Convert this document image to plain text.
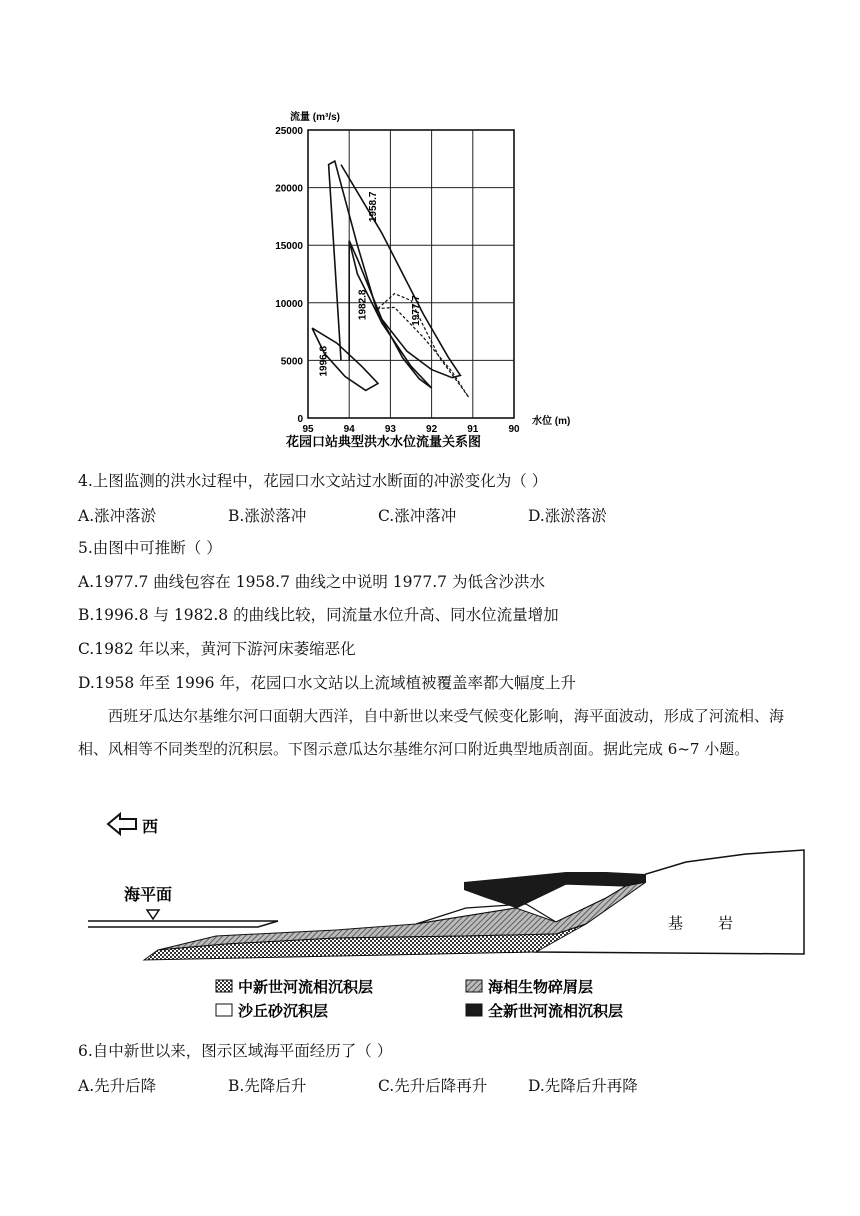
流量 (m³/s)
25000
20000
15000
10000
5000
0
95	94	93	92	91	90
1958.7
1977.7
1982.8
1996.8
水位 (m)
花园口站典型洪水水位流量关系图
4.上图监测的洪水过程中，花园口水文站过水断面的冲淤变化为（ ）
A.涨冲落淤	B.涨淤落冲	C.涨冲落冲	D.涨淤落淤
5.由图中可推断（ ）
A.1977.7 曲线包容在 1958.7 曲线之中说明 1977.7 为低含沙洪水
B.1996.8 与 1982.8 的曲线比较，同流量水位升高、同水位流量增加
C.1982 年以来，黄河下游河床萎缩恶化
D.1958 年至 1996 年，花园口水文站以上流域植被覆盖率都大幅度上升

西班牙瓜达尔基维尔河口面朝大西洋，自中新世以来受气候变化影响，海平面波动，形成了河流相、海相、风相等不同类型的沉积层。下图示意瓜达尔基维尔河口附近典型地质剖面。据此完成 6~7 小题。

西
海平面
基 岩
中新世河流相沉积层	海相生物碎屑层
沙丘砂沉积层	全新世河流相沉积层
6.自中新世以来，图示区域海平面经历了（ ）
A.先升后降	B.先降后升	C.先升后降再升	D.先降后升再降
